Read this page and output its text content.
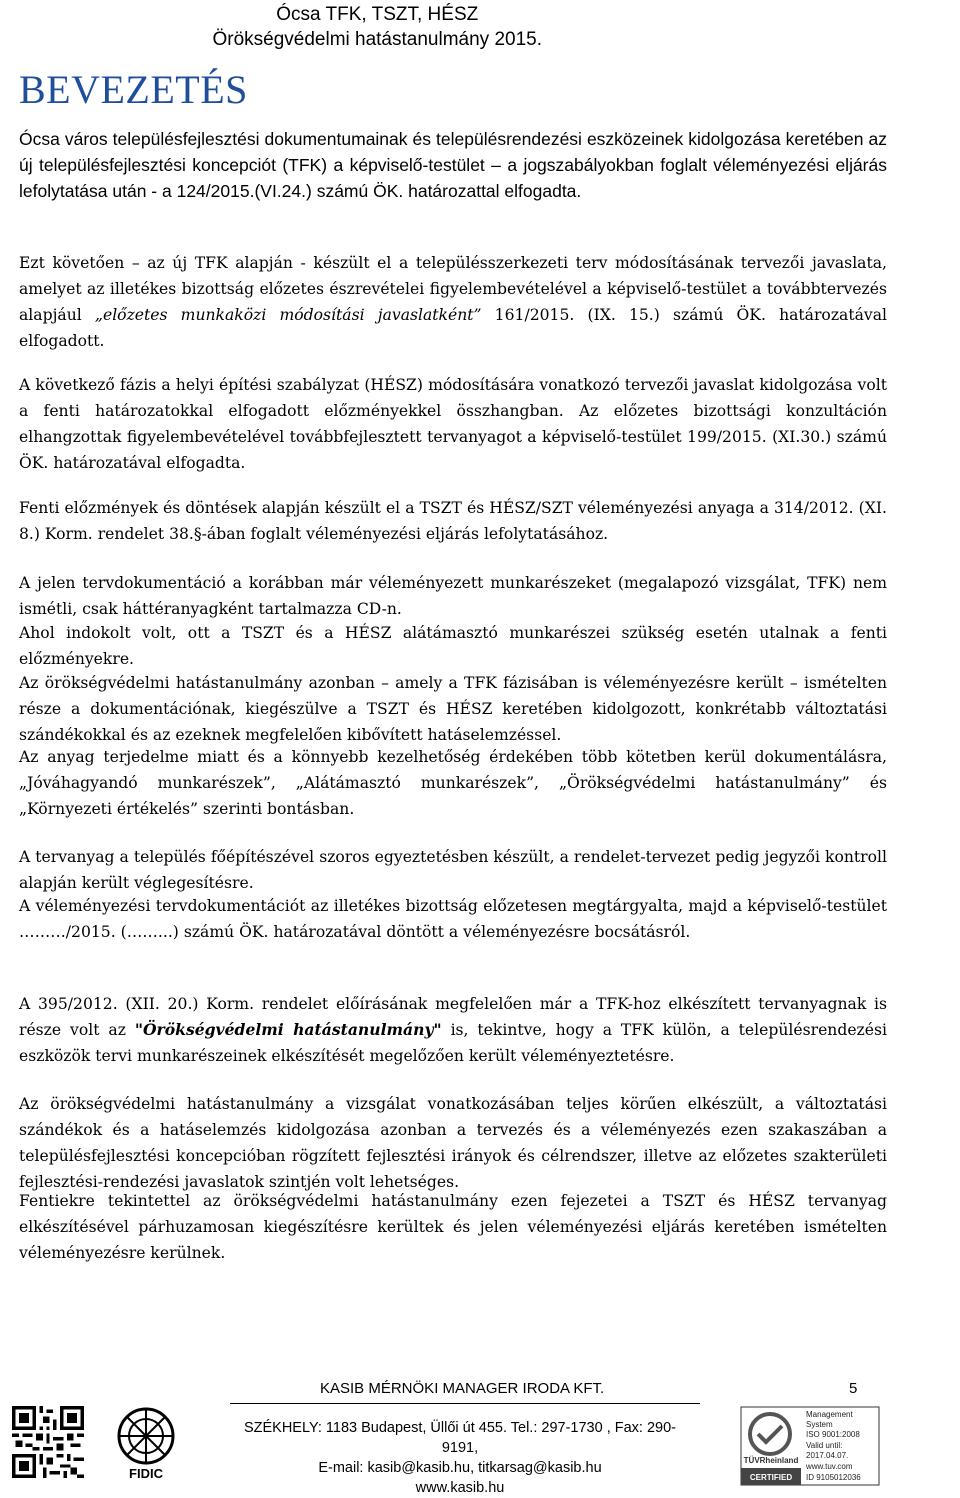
Ócsa TFK, TSZT, HÉSZ
Örökségvédelmi hatástanulmány 2015.
BEVEZETÉS

Ócsa város településfejlesztési dokumentumainak és településrendezési eszközeinek kidolgozása keretében az új településfejlesztési koncepciót (TFK) a képviselő-testület – a jogszabályokban foglalt véleményezési eljárás lefolytatása után - a 124/2015.(VI.24.) számú ÖK. határozattal elfogadta.

Ezt követően – az új TFK alapján - készült el a településszerkezeti terv módosításának tervezői javaslata, amelyet az illetékes bizottság előzetes észrevételei figyelembevételével a képviselő-testület a továbbtervezés alapjául „előzetes munkaközi módosítási javaslatként” 161/2015. (IX. 15.) számú ÖK. határozatával elfogadott.

A következő fázis a helyi építési szabályzat (HÉSZ) módosítására vonatkozó tervezői javaslat kidolgozása volt a fenti határozatokkal elfogadott előzményekkel összhangban. Az előzetes bizottsági konzultáción elhangzottak figyelembevételével továbbfejlesztett tervanyagot a képviselő-testület 199/2015. (XI.30.) számú ÖK. határozatával elfogadta.

Fenti előzmények és döntések alapján készült el a TSZT és HÉSZ/SZT véleményezési anyaga a 314/2012. (XI. 8.) Korm. rendelet 38.§-ában foglalt véleményezési eljárás lefolytatásához.

A jelen tervdokumentáció a korábban már véleményezett munkarészeket (megalapozó vizsgálat, TFK) nem ismétli, csak háttéranyagként tartalmazza CD-n.

Ahol indokolt volt, ott a TSZT és a HÉSZ alátámasztó munkarészei szükség esetén utalnak a fenti előzményekre.

Az örökségvédelmi hatástanulmány azonban – amely a TFK fázisában is véleményezésre került – ismételten része a dokumentációnak, kiegészülve a TSZT és HÉSZ keretében kidolgozott, konkrétabb változtatási szándékokkal és az ezeknek megfelelően kibővített hatáselemzéssel.

Az anyag terjedelme miatt és a könnyebb kezelhetőség érdekében több kötetben kerül dokumentálásra, „Jóváhagyandó munkarészek”, „Alátámasztó munkarészek”, „Örökségvédelmi hatástanulmány” és „Környezeti értékelés” szerinti bontásban.

A tervanyag a település főépítészével szoros egyeztetésben készült, a rendelet-tervezet pedig jegyzői kontroll alapján került véglegesítésre.

A véleményezési tervdokumentációt az illetékes bizottság előzetesen megtárgyalta, majd a képviselő-testület ………/2015. (……...) számú ÖK. határozatával döntött a véleményezésre bocsátásról.

A 395/2012. (XII. 20.) Korm. rendelet előírásának megfelelően már a TFK-hoz elkészített tervanyagnak is része volt az "Örökségvédelmi hatástanulmány" is, tekintve, hogy a TFK külön, a településrendezési eszközök tervi munkarészeinek elkészítését megelőzően került véleményeztetésre.

Az örökségvédelmi hatástanulmány a vizsgálat vonatkozásában teljes körűen elkészült, a változtatási szándékok és a hatáselemzés kidolgozása azonban a tervezés és a véleményezés ezen szakaszában a településfejlesztési koncepcióban rögzített fejlesztési irányok és célrendszer, illetve az előzetes szakterületi fejlesztési-rendezési javaslatok szintjén volt lehetséges.

Fentiekre tekintettel az örökségvédelmi hatástanulmány ezen fejezetei a TSZT és HÉSZ tervanyag elkészítésével párhuzamosan kiegészítésre kerültek és jelen véleményezési eljárás keretében ismételten véleményezésre kerülnek.

KASIB MÉRNÖKI MANAGER IRODA KFT.	5
SZÉKHELY: 1183 Budapest, Üllői út 455. Tel.: 297-1730 , Fax: 290-9191,
E-mail: kasib@kasib.hu, titkarsag@kasib.hu
www.kasib.hu
FIDIC
TÜVRheinland
CERTIFIED
Management
System
ISO 9001:2008
Valid until:
2017.04.07.
www.tuv.com
ID 9105012036
